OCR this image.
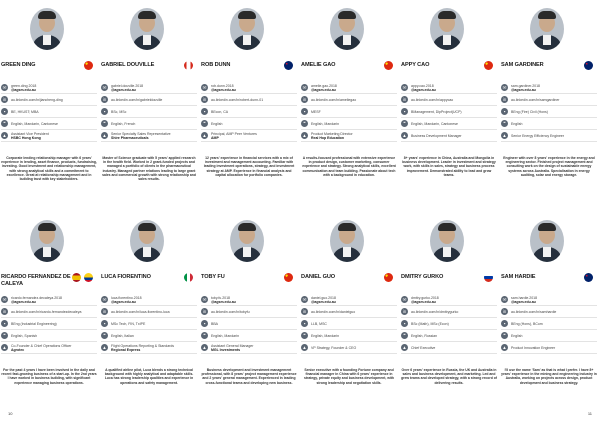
GREEN DING
✉	green.ding 2018
@agsm.edu.au
in	au.linkedin.com/in/jiancheng-ding
▪	BE, HKUST; MBA
❝	English, Mandarin, Cantonese
▲	Assistant Vice President
HSBC Hong Kong
Corporate lending relationship manager with 6 years' experience in lending, asset finance, products, fundraising, investing. Good investment and relationship management, with strong analytical skills and a commitment to excellence. Great at relationship management and in building trust with key stakeholders.
GABRIEL DOUVILLE
✉	gabriel.douville.2018
@agsm.edu.au
in	au.linkedin.com/in/gabrieldouville
▪	BSc, MSc
❝	English, French
▲	Senior Specialty Sales Representative
Shire Pharmaceuticals
Master of Science graduate with 5 years' applied research in the health field. Worked in 2 grant-funded projects and managed a portfolio of clients in the pharmaceutical industry. Managed partner relations leading to large grant sales and commercial growth with strong relationship and sales results.
ROB DUNN
✉	rob.dunn.2018
@agsm.edu.au
in	au.linkedin.com/in/robert-dunn-01
▪	BEcon, CA
❝	English
▲	Principal, AMP Peer Ventures
AMP
12 years' experience in financial services with a mix of investment and management accounting. Familiar with leading investment operations, strategy, and investment strategy at AMP. Experience in financial analysis and capital allocation for portfolio companies.
AMELIE GAO
✉	amelie.gao.2018
@agsm.edu.au
in	au.linkedin.com/in/ameliegao
▪	MESF
❝	English, Mandarin
▲	Product Marketing Director
Real Hop Education
A results-focused professional with extensive experience in product design, customer marketing, consumer experience and strategy. Strong analytical skills, excellent communication and team building. Passionate about tech with a background in education.
APPY CAO
✉	appy.cao.2018
@agsm.edu.au
in	au.linkedin.com/in/appycao
▪	BManagement, DipProject(UCP)
❝	English, Mandarin, Cantonese
▲	Business Development Manager
8+ years' experience in China, Australia and Mongolia in business development. Leader in investment and strategy work, with skills in sales, strategy and business process improvement. Demonstrated ability to lead and grow teams.
SAM GARDINER
✉	sam.gardiner.2018
@agsm.edu.au
in	au.linkedin.com/in/samgardiner
▪	BEng (Fire) Civil (Hons)
❝	English
▲	Senior Energy Efficiency Engineer
Engineer with over 8 years' experience in the energy and engineering sector. Finished project management and consulting work on the design of sustainable energy systems across Australia. Specialisation in energy auditing, solar and energy storage.
RICARDO FERNANDEZ DE CALEYA
✉	ricardo.fernandez.decaleya.2018
@agsm.edu.au
in	au.linkedin.com/in/ricardo-fernandezdecaleya
▪	BEng (Industrial Engineering)
❝	English, Spanish
▲	Co-Founder & Chief Operations Officer
Agrotec
For the past 4 years I have been involved in the daily and recent fast-growing business of a start-up. In the 2nd years I have worked in business building, with significant experience managing business operations.
LUCA FIORENTINO
✉	luca.fiorentino.2018
@agsm.edu.au
in	au.linkedin.com/in/luca-fiorentino-luca
▪	MSc Tech, FIN, TxIPE
❝	English, Italian
▲	Flight Operations Reporting & Standards
Regional Express
A qualified airline pilot, Luca blends a strong technical background with highly analytical and adaptable skills. Luca has strong leadership qualities and experience in operations and safety management.
TOBY FU
✉	toby.fu.2018
@agsm.edu.au
in	au.linkedin.com/in/tobyfu
▪	BBA
❝	English, Mandarin
▲	Assistant General Manager
MGL Investments
Business development and investment management professional, with 8 years' project management experience and 2 years' general management. Experienced in leading cross-functional teams and developing new business.
DANIEL GUO
✉	daniel.guo.2018
@agsm.edu.au
in	au.linkedin.com/in/danielguo
▪	LLB, MSC
❝	English, Mandarin
▲	VP Strategy, Founder & CEO
Senior executive with a founding Fortune company and financial manager in China with 6 years' experience in strategy, private equity and business development, with strong leadership and negotiation skills.
DMITRY GURKO
✉	dmitry.gurko.2018
@agsm.edu.au
in	au.linkedin.com/in/dmitrygurko
▪	BSc (Math), MSc (Econ)
❝	English, Russian
▲	Chief Executive
Over 6 years' experience in Russia, the UK and Australia in sales and business development, and marketing. Led and grew teams and developed strategy, with a strong record of delivering results.
SAM HARDIE
✉	sam.hardie.2018
@agsm.edu.au
in	au.linkedin.com/in/samhardie
▪	BEng (Hons), BCom
❝	English
▲	Product Innovation Engineer
I'll use the name 'Sam' as that is what I prefer. I have 8+ years' experience in the mining and engineering industry in Australia, working on projects across design, product development and business strategy.
10	11
